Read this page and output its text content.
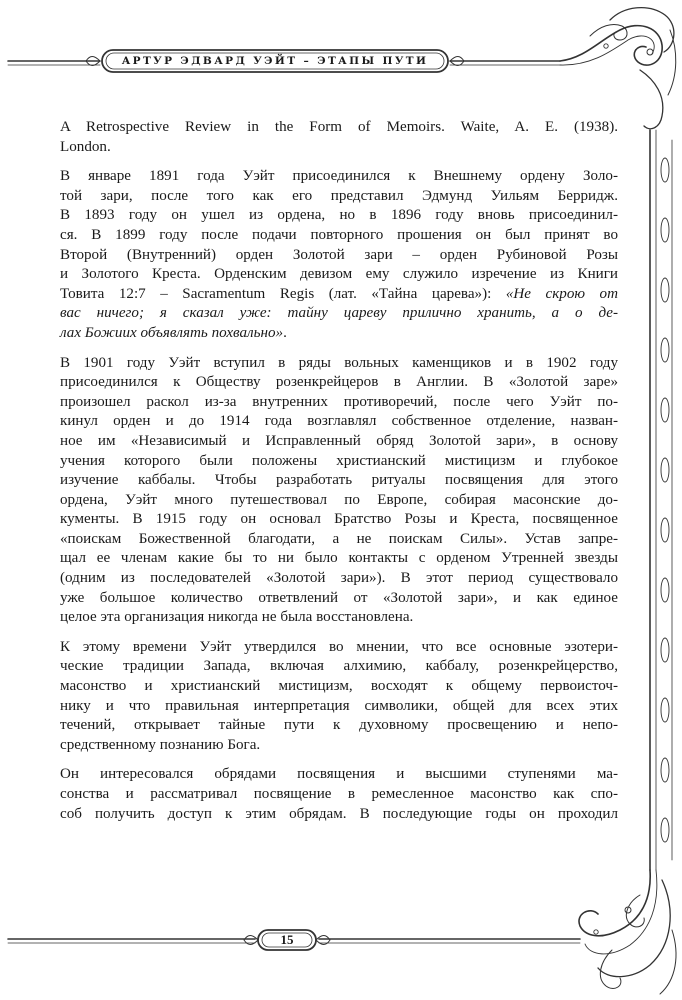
АРТУР ЭДВАРД УЭЙТ – ЭТАПЫ ПУТИ

A Retrospective Review in the Form of Memoirs. Waite, A. E. (1938).
London.

В январе 1891 года Уэйт присоединился к Внешнему ордену Золо-
той зари, после того как его представил Эдмунд Уильям Берридж.
В 1893 году он ушел из ордена, но в 1896 году вновь присоединил-
ся. В 1899 году после подачи повторного прошения он был принят во
Второй (Внутренний) орден Золотой зари – орден Рубиновой Розы
и Золотого Креста. Орденским девизом ему служило изречение из Книги
Товита 12:7 – Sacramentum Regis (лат. «Тайна царева»): «Не скрою от
вас ничего; я сказал уже: тайну цареву прилично хранить, а о де-
лах Божиих объявлять похвально».

В 1901 году Уэйт вступил в ряды вольных каменщиков и в 1902 году
присоединился к Обществу розенкрейцеров в Англии. В «Золотой заре»
произошел раскол из-за внутренних противоречий, после чего Уэйт по-
кинул орден и до 1914 года возглавлял собственное отделение, назван-
ное им «Независимый и Исправленный обряд Золотой зари», в основу
учения которого были положены христианский мистицизм и глубокое
изучение каббалы. Чтобы разработать ритуалы посвящения для этого
ордена, Уэйт много путешествовал по Европе, собирая масонские до-
кументы. В 1915 году он основал Братство Розы и Креста, посвященное
«поискам Божественной благодати, а не поискам Силы». Устав запре-
щал ее членам какие бы то ни было контакты с орденом Утренней звезды
(одним из последователей «Золотой зари»). В этот период существовало
уже большое количество ответвлений от «Золотой зари», и как единое
целое эта организация никогда не была восстановлена.

К этому времени Уэйт утвердился во мнении, что все основные эзотери-
ческие традиции Запада, включая алхимию, каббалу, розенкрейцерство,
масонство и христианский мистицизм, восходят к общему первоисточ-
нику и что правильная интерпретация символики, общей для всех этих
течений, открывает тайные пути к духовному просвещению и непо-
средственному познанию Бога.

Он интересовался обрядами посвящения и высшими ступенями ма-
сонства и рассматривал посвящение в ремесленное масонство как спо-
соб получить доступ к этим обрядам. В последующие годы он проходил

15
